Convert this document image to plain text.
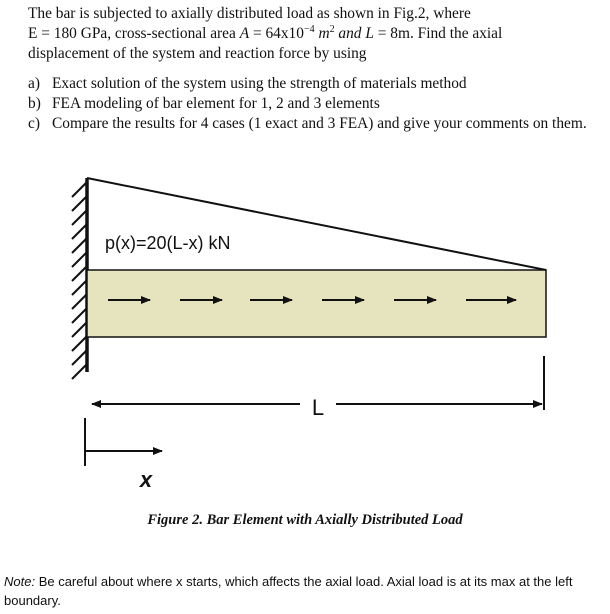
The bar is subjected to axially distributed load as shown in Fig.2, where

E = 180 GPa, cross-sectional area $A = 64x10^{-4}$ $m^2$ and L = 8m. Find the axial

displacement of the system and reaction force by using

a) Exact solution of the system using the strength of materials method
b) FEA modeling of bar element for 1, 2 and 3 elements
c) Compare the results for 4 cases (1 exact and 3 FEA) and give your comments on them.
p(x)=20(L-x) kN
L
x
Figure 2. Bar Element with Axially Distributed Load
Note: Be careful about where x starts, which affects the axial load. Axial load is at its max at the left boundary.
